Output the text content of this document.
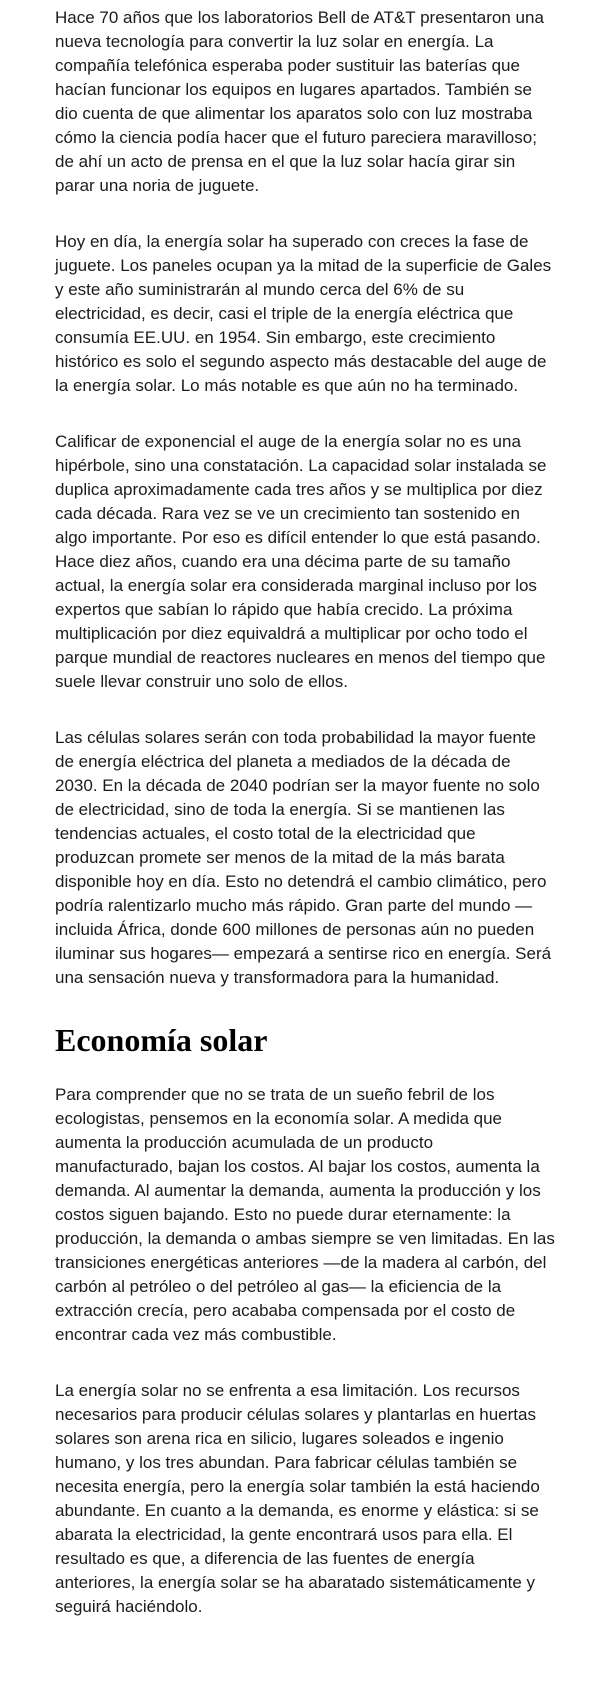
Hace 70 años que los laboratorios Bell de AT&T presentaron una nueva tecnología para convertir la luz solar en energía. La compañía telefónica esperaba poder sustituir las baterías que hacían funcionar los equipos en lugares apartados. También se dio cuenta de que alimentar los aparatos solo con luz mostraba cómo la ciencia podía hacer que el futuro pareciera maravilloso; de ahí un acto de prensa en el que la luz solar hacía girar sin parar una noria de juguete.

Hoy en día, la energía solar ha superado con creces la fase de juguete. Los paneles ocupan ya la mitad de la superficie de Gales y este año suministrarán al mundo cerca del 6% de su electricidad, es decir, casi el triple de la energía eléctrica que consumía EE.UU. en 1954. Sin embargo, este crecimiento histórico es solo el segundo aspecto más destacable del auge de la energía solar. Lo más notable es que aún no ha terminado.

Calificar de exponencial el auge de la energía solar no es una hipérbole, sino una constatación. La capacidad solar instalada se duplica aproximadamente cada tres años y se multiplica por diez cada década. Rara vez se ve un crecimiento tan sostenido en algo importante. Por eso es difícil entender lo que está pasando. Hace diez años, cuando era una décima parte de su tamaño actual, la energía solar era considerada marginal incluso por los expertos que sabían lo rápido que había crecido. La próxima multiplicación por diez equivaldrá a multiplicar por ocho todo el parque mundial de reactores nucleares en menos del tiempo que suele llevar construir uno solo de ellos.

Las células solares serán con toda probabilidad la mayor fuente de energía eléctrica del planeta a mediados de la década de 2030. En la década de 2040 podrían ser la mayor fuente no solo de electricidad, sino de toda la energía. Si se mantienen las tendencias actuales, el costo total de la electricidad que produzcan promete ser menos de la mitad de la más barata disponible hoy en día. Esto no detendrá el cambio climático, pero podría ralentizarlo mucho más rápido. Gran parte del mundo —incluida África, donde 600 millones de personas aún no pueden iluminar sus hogares— empezará a sentirse rico en energía. Será una sensación nueva y transformadora para la humanidad.

Economía solar

Para comprender que no se trata de un sueño febril de los ecologistas, pensemos en la economía solar. A medida que aumenta la producción acumulada de un producto manufacturado, bajan los costos. Al bajar los costos, aumenta la demanda. Al aumentar la demanda, aumenta la producción y los costos siguen bajando. Esto no puede durar eternamente: la producción, la demanda o ambas siempre se ven limitadas. En las transiciones energéticas anteriores —de la madera al carbón, del carbón al petróleo o del petróleo al gas— la eficiencia de la extracción crecía, pero acababa compensada por el costo de encontrar cada vez más combustible.

La energía solar no se enfrenta a esa limitación. Los recursos necesarios para producir células solares y plantarlas en huertas solares son arena rica en silicio, lugares soleados e ingenio humano, y los tres abundan. Para fabricar células también se necesita energía, pero la energía solar también la está haciendo abundante. En cuanto a la demanda, es enorme y elástica: si se abarata la electricidad, la gente encontrará usos para ella. El resultado es que, a diferencia de las fuentes de energía anteriores, la energía solar se ha abaratado sistemáticamente y seguirá haciéndolo.
